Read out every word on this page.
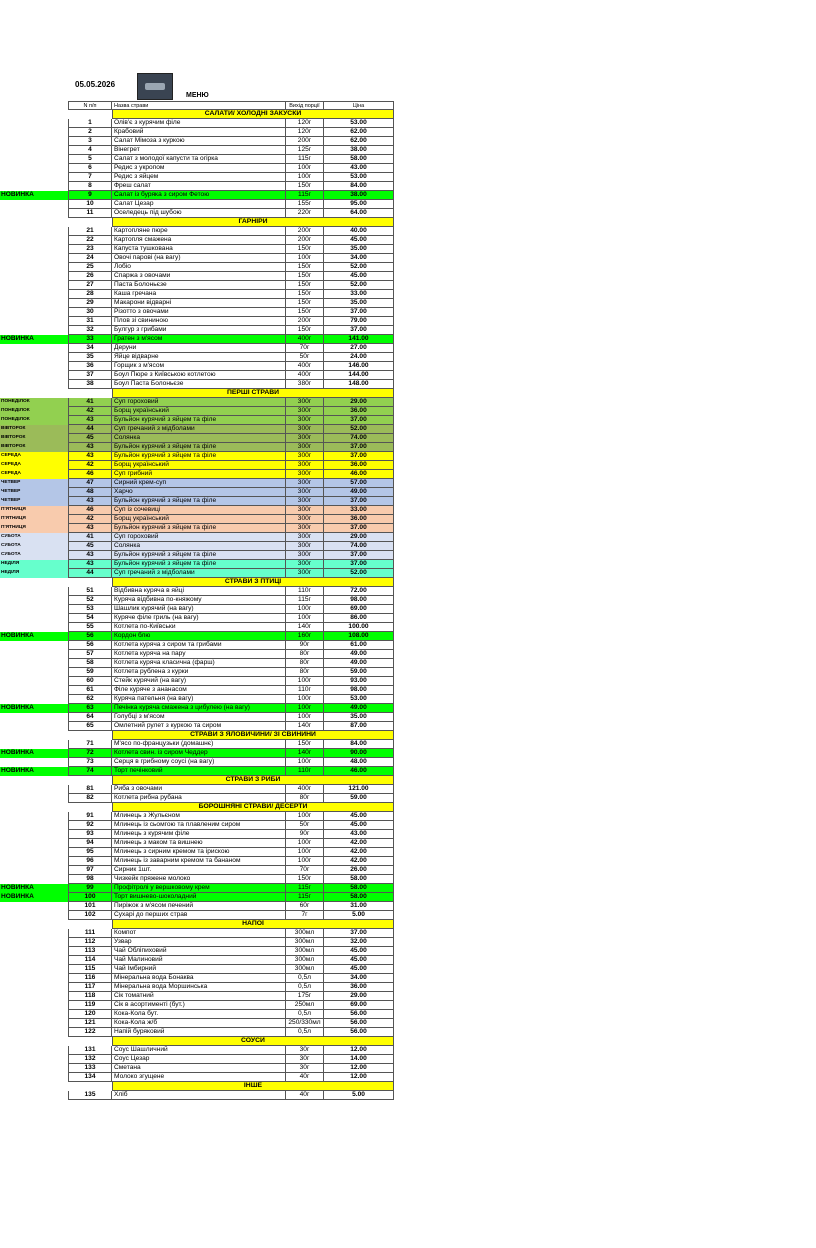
05.05.2026
МЕНЮ
N п/п	Назва страви	Вихід порції	Ціна
САЛАТИ/ ХОЛОДНІ ЗАКУСКИ
1	Олів'є з курячим філе	120г	53.00
2	Крабовий	120г	62.00
3	Салат Мімоза з куркою	200г	62.00
4	Вінегрет	125г	38.00
5	Салат з молодої капусти та огірка	115г	58.00
6	Редис з укропом	100г	43.00
7	Редис з яйцем	100г	53.00
8	Фреш салат	150г	84.00
НОВИНКА	9	Салат із буряка з сиром Фетою	115г	38.00
10	Салат Цезар	155г	95.00
11	Оселедець під шубою	220г	64.00
ГАРНІРИ
21	Картопляне пюре	200г	40.00
22	Картопля смажена	200г	45.00
23	Капуста тушкована	150г	35.00
24	Овочі парові (на вагу)	100г	34.00
25	Лобіо	150г	52.00
26	Спаржа з овочами	150г	45.00
27	Паста Болоньєзе	150г	52.00
28	Каша гречана	150г	33.00
29	Макарони відварні	150г	35.00
30	Різотто з овочами	150г	37.00
31	Плов зі свининою	200г	79.00
32	Булгур з грибами	150г	37.00
НОВИНКА	33	Гратен з м'ясом	400г	141.00
34	Деруни	70г	27.00
35	Яйце відварне	50г	24.00
36	Горщик з м'ясом	400г	146.00
37	Боул Пюре з Київською котлетою	400г	144.00
38	Боул Паста Болоньєзе	380г	148.00
ПЕРШІ СТРАВИ
ПОНЕДІЛОК	41	Суп гороховий	300г	29.00
ПОНЕДІЛОК	42	Борщ український	300г	36.00
ПОНЕДІЛОК	43	Бульйон курячий з яйцем та філе	300г	37.00
ВІВТОРОК	44	Суп гречаний з мідболами	300г	52.00
ВІВТОРОК	45	Солянка	300г	74.00
ВІВТОРОК	43	Бульйон курячий з яйцем та філе	300г	37.00
СЕРЕДА	43	Бульйон курячий з яйцем та філе	300г	37.00
СЕРЕДА	42	Борщ український	300г	36.00
СЕРЕДА	46	Суп грибний	300г	46.00
ЧЕТВЕР	47	Сирний крем-суп	300г	57.00
ЧЕТВЕР	48	Харчо	300г	49.00
ЧЕТВЕР	43	Бульйон курячий з яйцем та філе	300г	37.00
П'ЯТНИЦЯ	46	Суп із сочевиці	300г	33.00
П'ЯТНИЦЯ	42	Борщ український	300г	36.00
П'ЯТНИЦЯ	43	Бульйон курячий з яйцем та філе	300г	37.00
СУБОТА	41	Суп гороховий	300г	29.00
СУБОТА	45	Солянка	300г	74.00
СУБОТА	43	Бульйон курячий з яйцем та філе	300г	37.00
НЕДІЛЯ	43	Бульйон курячий з яйцем та філе	300г	37.00
НЕДІЛЯ	44	Суп гречаний з мідболами	300г	52.00
СТРАВИ З ПТИЦІ
51	Відбивна куряча в яйці	110г	72.00
52	Куряча відбивна по-княжому	115г	98.00
53	Шашлик курячий (на вагу)	100г	69.00
54	Куряче філе гриль (на вагу)	100г	86.00
55	Котлета по-Київськи	140г	100.00
НОВИНКА	56	Кордон блю	160г	108.00
56	Котлета куряча з сиром та грибами	90г	61.00
57	Котлета куряча на пару	80г	49.00
58	Котлета куряча класична (фарш)	80г	49.00
59	Котлета рублена з курки	80г	59.00
60	Стейк курячий (на вагу)	100г	93.00
61	Філе куряче з ананасом	110г	98.00
62	Куряча пательня (на вагу)	100г	53.00
НОВИНКА	63	Печінка куряча смажена з цибулею (на вагу)	100г	49.00
64	Голубці з м'ясом	100г	35.00
65	Омлетний рулет з куркою та сиром	140г	87.00
СТРАВИ З ЯЛОВИЧИНИ/ ЗІ СВИНИНИ
71	М'ясо по-французьки (домашнє)	150г	84.00
НОВИНКА	72	Котлета свин. із сиром Чеддер	140г	90.00
73	Серця в грибному соусі (на вагу)	100г	48.00
НОВИНКА	74	Торт печінковий	110г	46.00
СТРАВИ З РИБИ
81	Риба з овочами	400г	121.00
82	Котлета рибна рубана	80г	59.00
БОРОШНЯНІ СТРАВИ/ ДЕСЕРТИ
91	Млинець з Жульєном	100г	45.00
92	Млинець із сьомгою та плавленим сиром	50г	45.00
93	Млинець з курячим філе	90г	43.00
94	Млинець з маком та вишнею	100г	42.00
95	Млинець з сирним кремом та ірискою	100г	42.00
96	Млинець із заварним кремом та бананом	100г	42.00
97	Сирник 1шт.	70г	26.00
98	Чизкейк пряжене молоко	150г	58.00
НОВИНКА	99	Профітролі у вершковому крем	115г	58.00
НОВИНКА	100	Торт вишнево-шоколадний	115г	58.00
101	Пиріжок з м'ясом печений	60г	31.00
102	Сухарі до перших страв	7г	5.00
НАПОЇ
111	Компот	300мл	37.00
112	Узвар	300мл	32.00
113	Чай Обліпиховий	300мл	45.00
114	Чай Малиновий	300мл	45.00
115	Чай Імбирний	300мл	45.00
116	Мінеральна вода Бонаква	0,5л	34.00
117	Мінеральна вода Моршинська	0,5л	36.00
118	Сік томатний	175г	29.00
119	Сік в асортименті (бут.)	250мл	69.00
120	Кока-Кола бут.	0,5л	56.00
121	Кока-Кола ж/б	250/330мл	56.00
122	Напій буряковий	0,5л	56.00
СОУСИ
131	Соус Шашличний	30г	12.00
132	Соус Цезар	30г	14.00
133	Сметана	30г	12.00
134	Молоко згущене	40г	12.00
ІНШЕ
135	Хліб	40г	5.00
